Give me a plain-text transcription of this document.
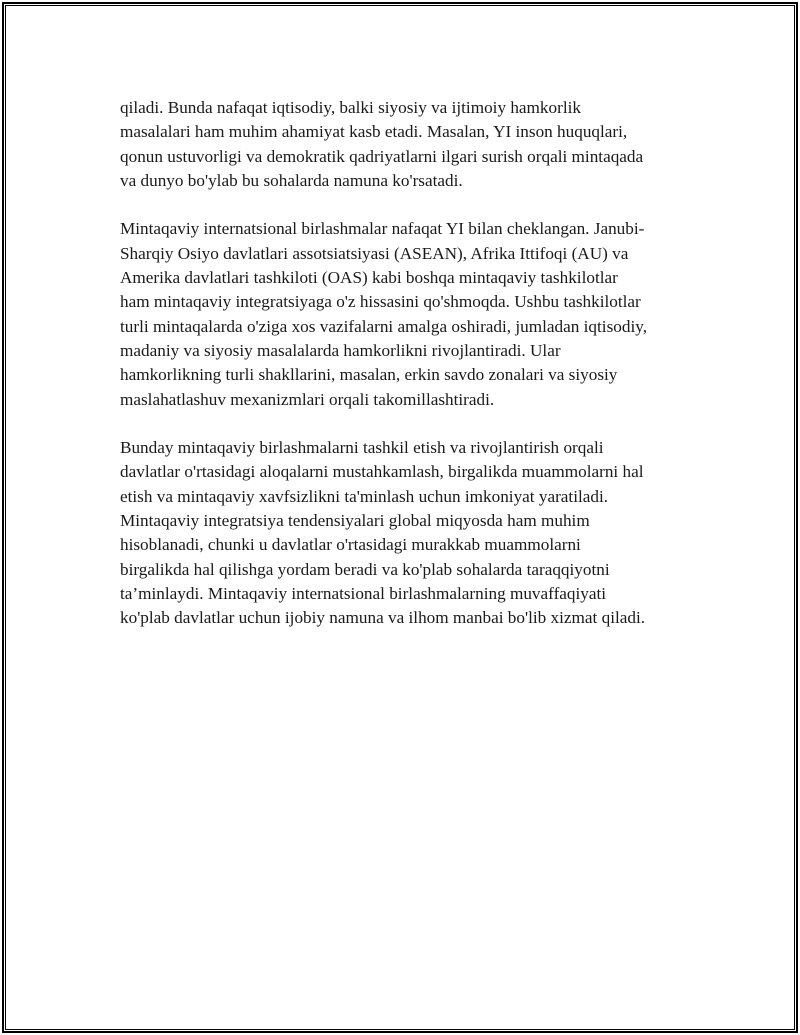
qiladi. Bunda nafaqat iqtisodiy, balki siyosiy va ijtimoiy hamkorlik
masalalari ham muhim ahamiyat kasb etadi. Masalan, YI inson huquqlari,
qonun ustuvorligi va demokratik qadriyatlarni ilgari surish orqali mintaqada
va dunyo bo'ylab bu sohalarda namuna ko'rsatadi.

Mintaqaviy internatsional birlashmalar nafaqat YI bilan cheklangan. Janubi-
Sharqiy Osiyo davlatlari assotsiatsiyasi (ASEAN), Afrika Ittifoqi (AU) va
Amerika davlatlari tashkiloti (OAS) kabi boshqa mintaqaviy tashkilotlar
ham mintaqaviy integratsiyaga o'z hissasini qo'shmoqda. Ushbu tashkilotlar
turli mintaqalarda o'ziga xos vazifalarni amalga oshiradi, jumladan iqtisodiy,
madaniy va siyosiy masalalarda hamkorlikni rivojlantiradi. Ular
hamkorlikning turli shakllarini, masalan, erkin savdo zonalari va siyosiy
maslahatlashuv mexanizmlari orqali takomillashtiradi.

Bunday mintaqaviy birlashmalarni tashkil etish va rivojlantirish orqali
davlatlar o'rtasidagi aloqalarni mustahkamlash, birgalikda muammolarni hal
etish va mintaqaviy xavfsizlikni ta'minlash uchun imkoniyat yaratiladi.
Mintaqaviy integratsiya tendensiyalari global miqyosda ham muhim
hisoblanadi, chunki u davlatlar o'rtasidagi murakkab muammolarni
birgalikda hal qilishga yordam beradi va ko'plab sohalarda taraqqiyotni
ta’minlaydi. Mintaqaviy internatsional birlashmalarning muvaffaqiyati
ko'plab davlatlar uchun ijobiy namuna va ilhom manbai bo'lib xizmat qiladi.
